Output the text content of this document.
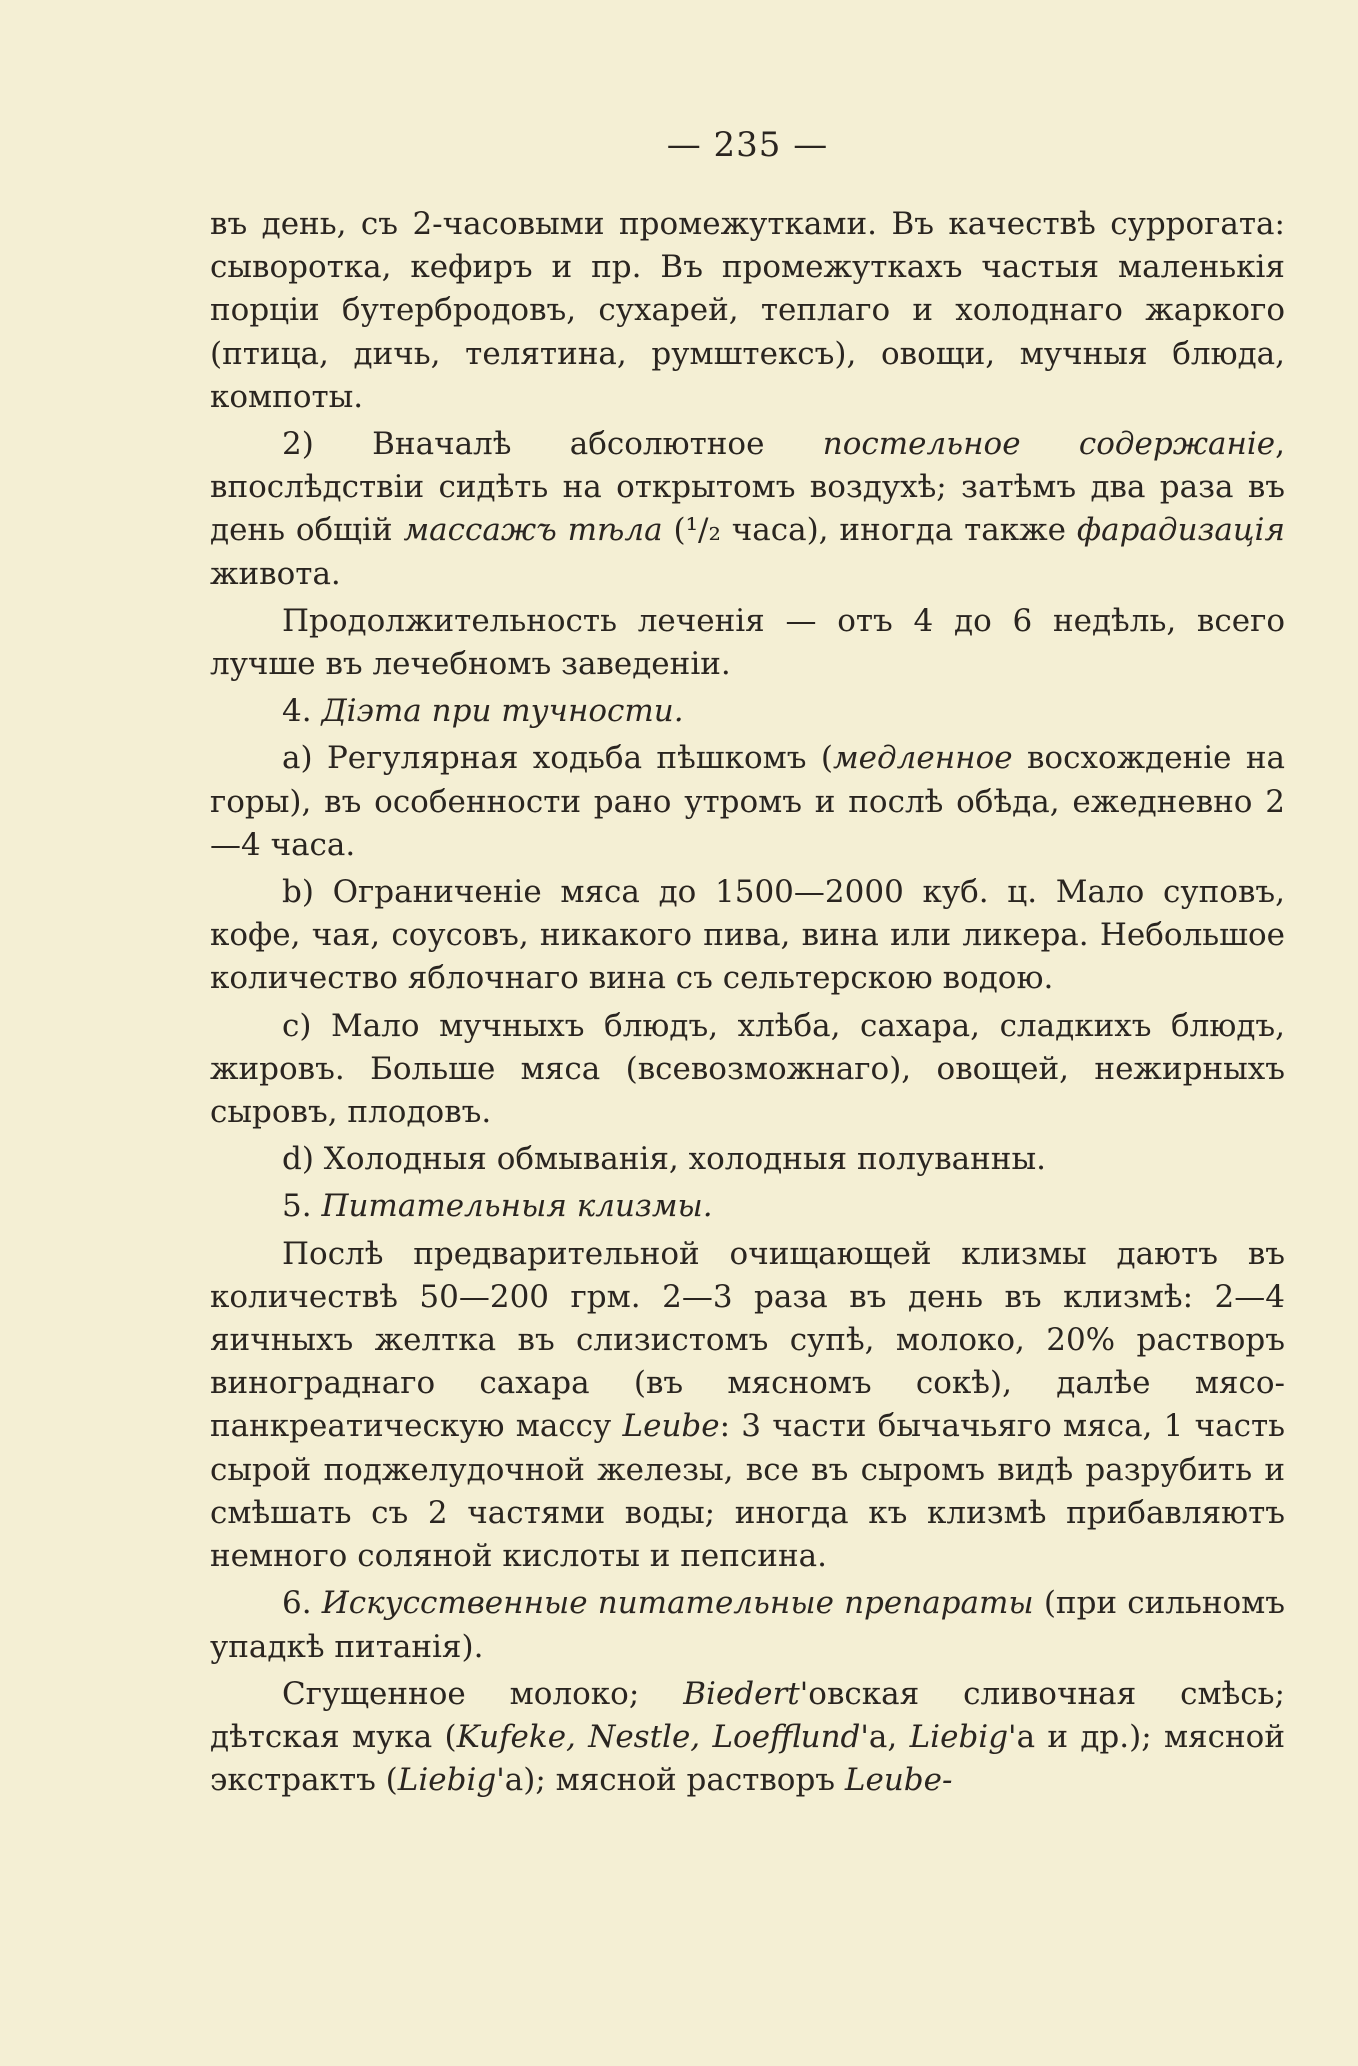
— 235 —

въ день, съ 2-часовыми промежутками. Въ качествѣ суррогата: сыворотка, кефиръ и пр. Въ промежуткахъ частыя маленькія порціи бутербродовъ, сухарей, теплаго и холоднаго жаркого (птица, дичь, телятина, румштексъ), овощи, мучныя блюда, компоты.

2) Вначалѣ абсолютное постельное содержаніе, впослѣдствіи сидѣть на открытомъ воздухѣ; затѣмъ два раза въ день общій массажъ тѣла (¹/₂ часа), иногда также фарадизація живота.

Продолжительность леченія — отъ 4 до 6 недѣль, всего лучше въ лечебномъ заведеніи.

4. Діэта при тучности.

a) Регулярная ходьба пѣшкомъ (медленное восхожденіе на горы), въ особенности рано утромъ и послѣ обѣда, ежедневно 2—4 часа.

b) Ограниченіе мяса до 1500—2000 куб. ц. Мало суповъ, кофе, чая, соусовъ, никакого пива, вина или ликера. Небольшое количество яблочнаго вина съ сельтерскою водою.

c) Мало мучныхъ блюдъ, хлѣба, сахара, сладкихъ блюдъ, жировъ. Больше мяса (всевозможнаго), овощей, нежирныхъ сыровъ, плодовъ.

d) Холодныя обмыванія, холодныя полуванны.

5. Питательныя клизмы.

Послѣ предварительной очищающей клизмы даютъ въ количествѣ 50—200 грм. 2—3 раза въ день въ клизмѣ: 2—4 яичныхъ желтка въ слизистомъ супѣ, молоко, 20% растворъ винограднаго сахара (въ мясномъ сокѣ), далѣе мясо-панкреатическую массу Leube: 3 части бычачьяго мяса, 1 часть сырой поджелудочной железы, все въ сыромъ видѣ разрубить и смѣшать съ 2 частями воды; иногда къ клизмѣ прибавляютъ немного соляной кислоты и пепсина.

6. Искусственные питательные препараты (при сильномъ упадкѣ питанія).

Сгущенное молоко; Biedert'овская сливочная смѣсь; дѣтская мука (Kufeke, Nestle, Loefflund'а, Liebig'а и др.); мясной экстрактъ (Liebig'а); мясной растворъ Leube-
